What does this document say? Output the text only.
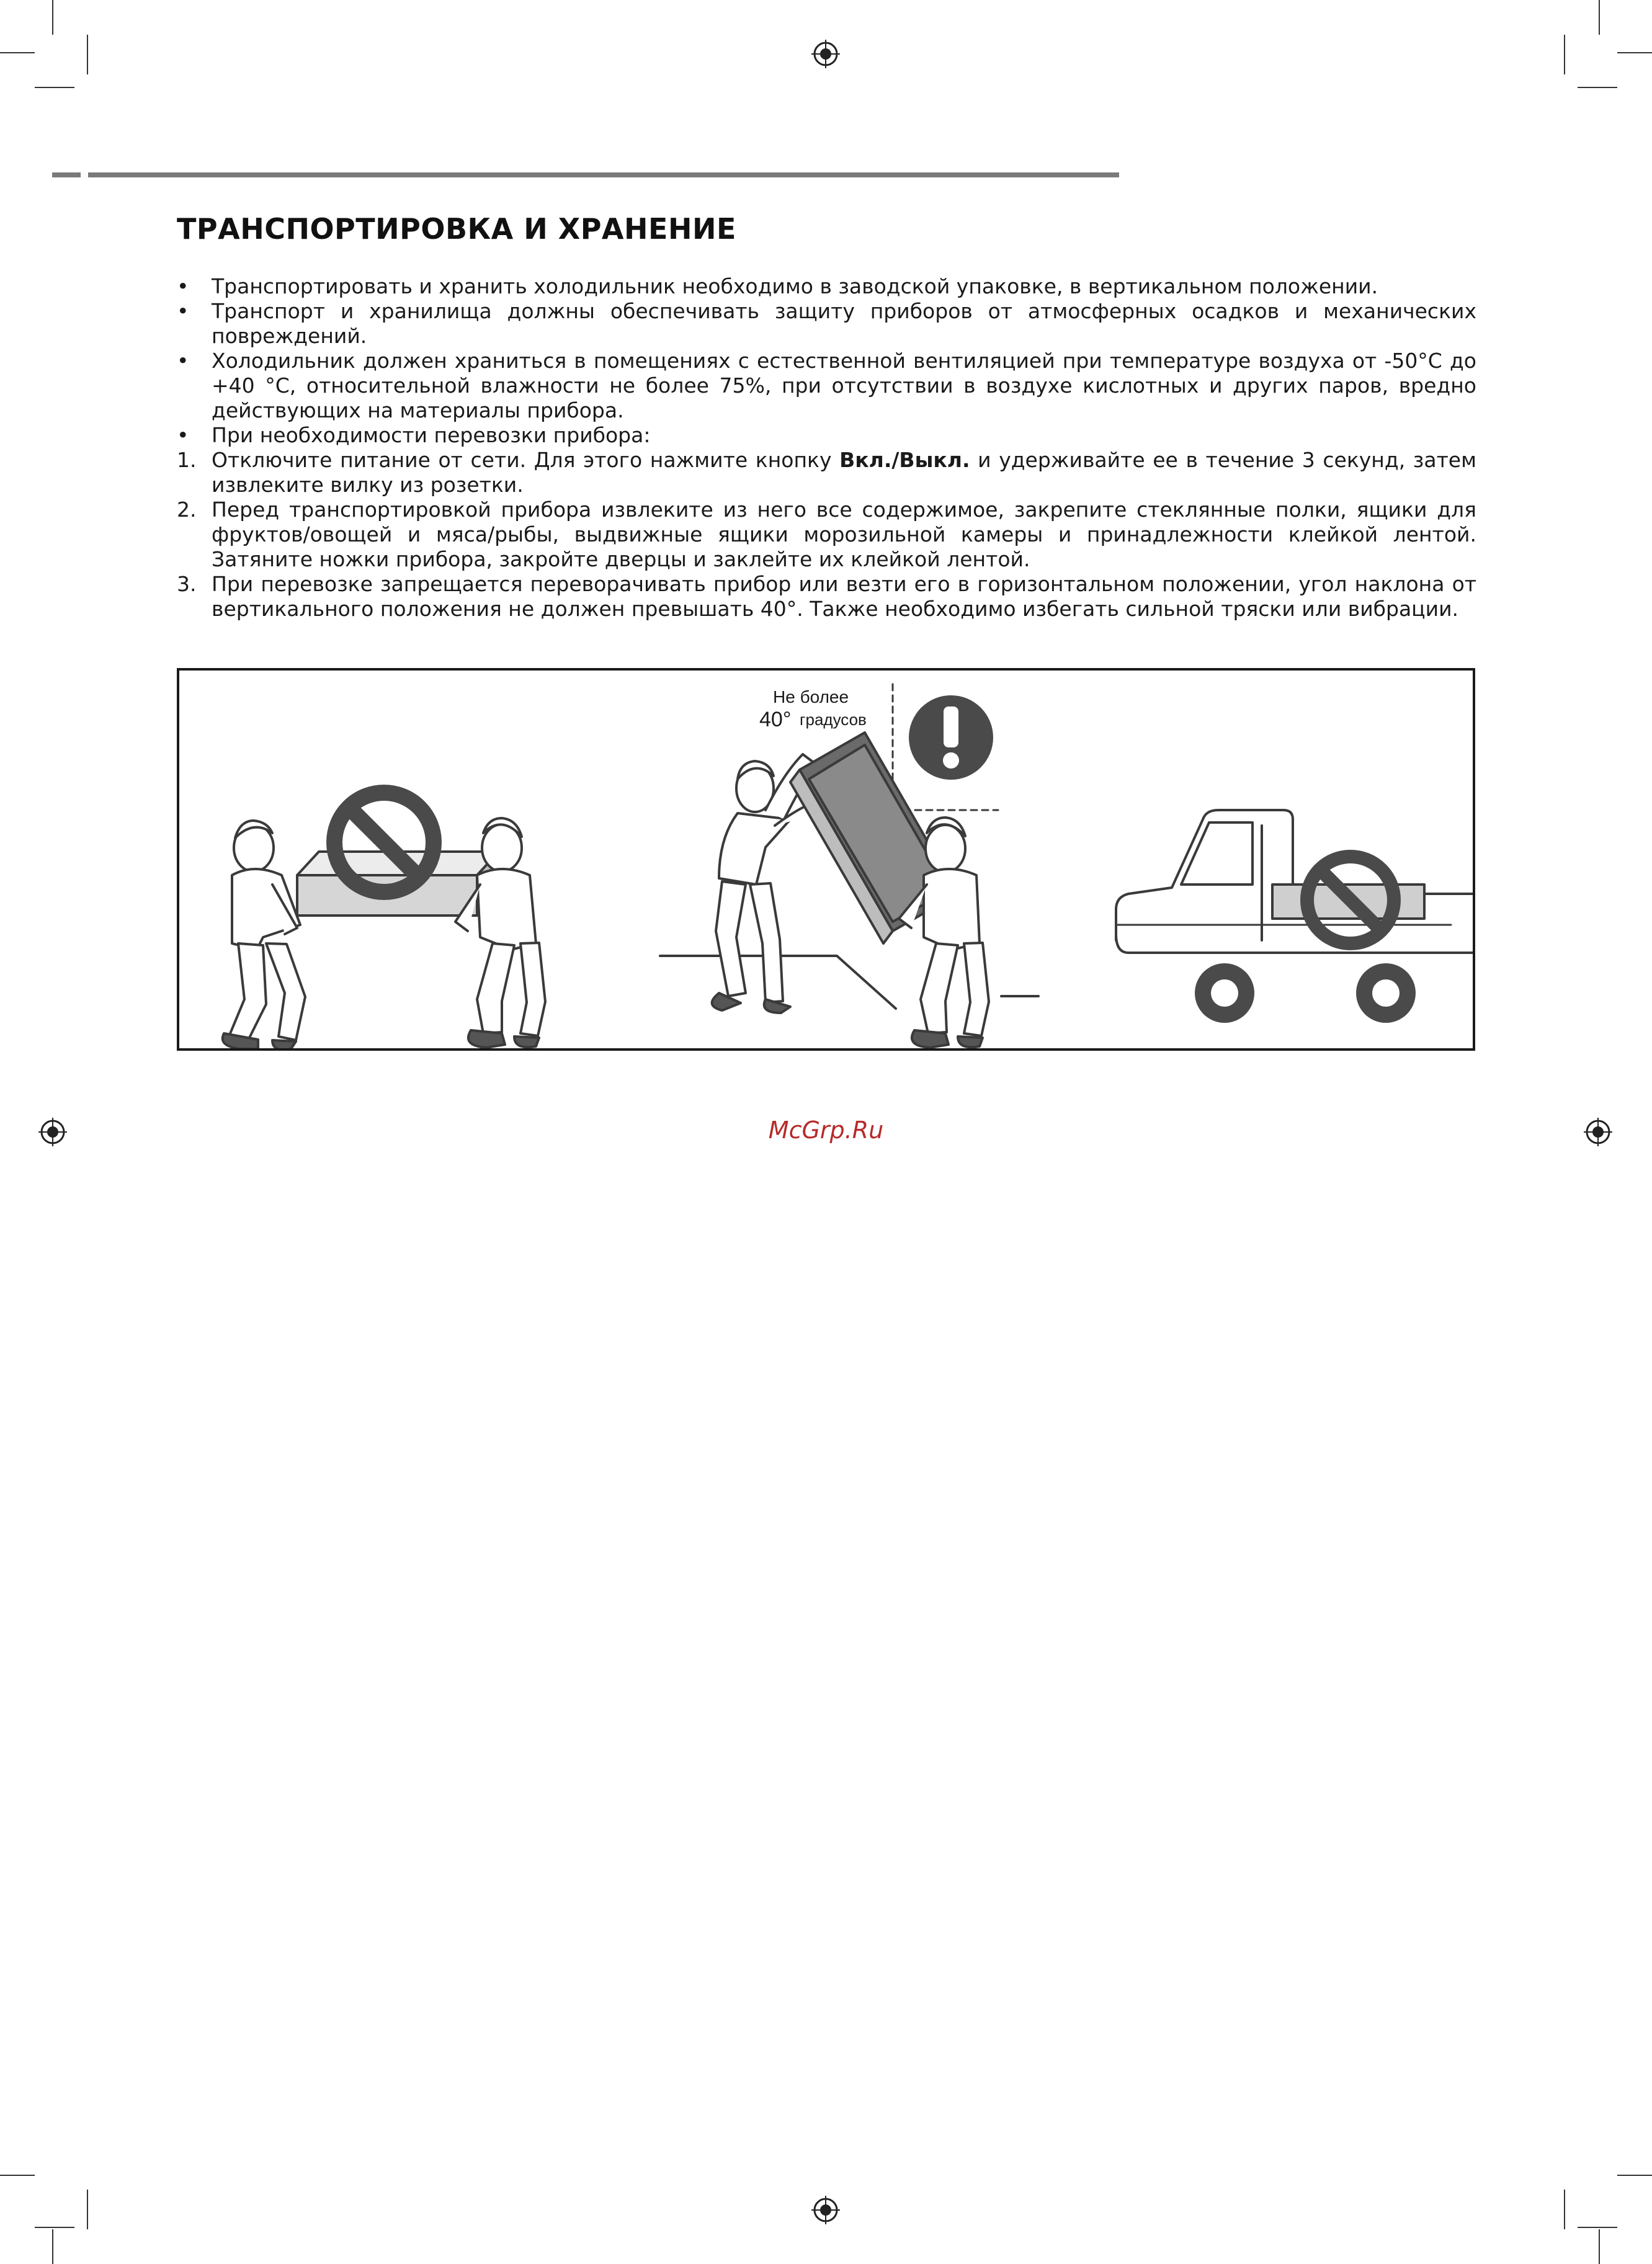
ТРАНСПОРТИРОВКА И ХРАНЕНИЕ
• Транспортировать и хранить холодильник необходимо в заводской упаковке, в вертикальном положении.
• Транспорт и хранилища должны обеспечивать защиту приборов от атмосферных осадков и механических повреждений.
• Холодильник должен храниться в помещениях с естественной вентиляцией при температуре воздуха от -50°С до +40 °С, относительной влажности не более 75%, при отсутствии в воздухе кислотных и других паров, вредно действующих на материалы прибора.
• При необходимости перевозки прибора:
1. Отключите питание от сети. Для этого нажмите кнопку Вкл./Выкл. и удерживайте ее в течение 3 секунд, затем извлеките вилку из розетки.
2. Перед транспортировкой прибора извлеките из него все содержимое, закрепите стеклянные полки, ящики для фруктов/овощей и мяса/рыбы, выдвижные ящики морозильной камеры и принадлежности клейкой лентой. Затяните ножки прибора, закройте дверцы и заклейте их клейкой лентой.
3. При перевозке запрещается переворачивать прибор или везти его в горизонтальном положении, угол наклона от вертикального положения не должен превышать 40°. Также необходимо избегать сильной тряски или вибрации.
Не более
40° градусов
McGrp.Ru
